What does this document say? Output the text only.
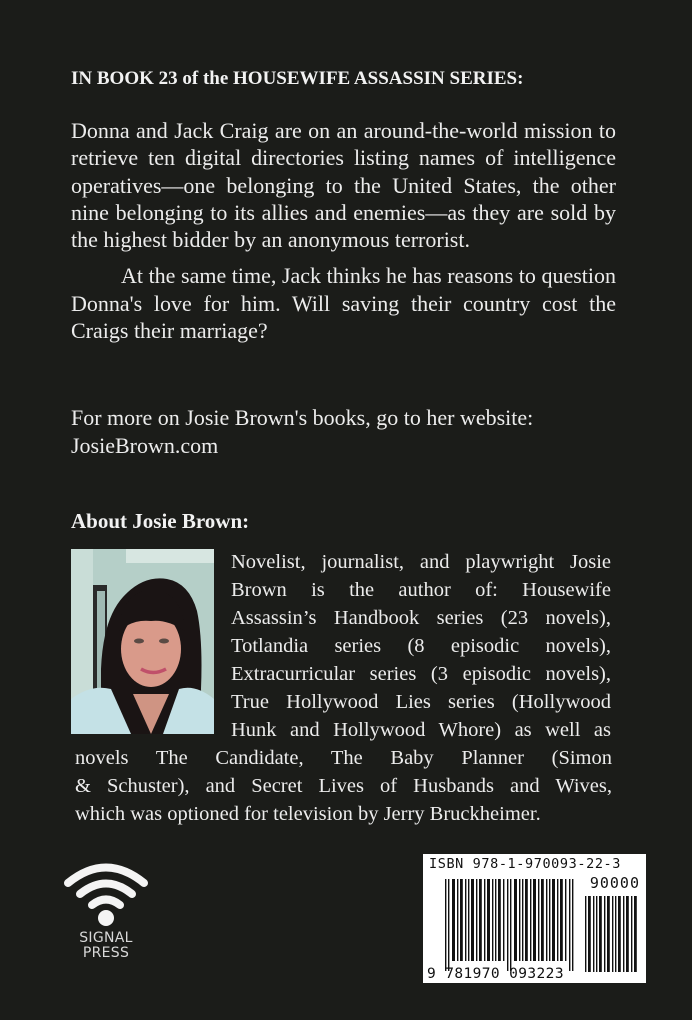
IN BOOK 23 of the HOUSEWIFE ASSASSIN SERIES:

Donna and Jack Craig are on an around-the-world mission to retrieve ten digital directories listing names of intelligence operatives—one belonging to the United States, the other nine belonging to its allies and enemies—as they are sold by the highest bidder by an anonymous terrorist.

At the same time, Jack thinks he has reasons to question Donna's love for him. Will saving their country cost the Craigs their marriage?

For more on Josie Brown's books, go to her website:

JosieBrown.com

About Josie Brown:
Novelist, journalist, and playwright Josie
Brown is the author of: Housewife
Assassin’s Handbook series (23 novels),
Totlandia series (8 episodic novels),
Extracurricular series (3 episodic novels),
True Hollywood Lies series (Hollywood
Hunk and Hollywood Whore) as well as
novels The Candidate, The Baby Planner (Simon
& Schuster), and Secret Lives of Husbands and Wives,
which was optioned for television by Jerry Bruckheimer.
SIGNAL
PRESS
ISBN 978-1-970093-22-3
90000
9 781970 093223
